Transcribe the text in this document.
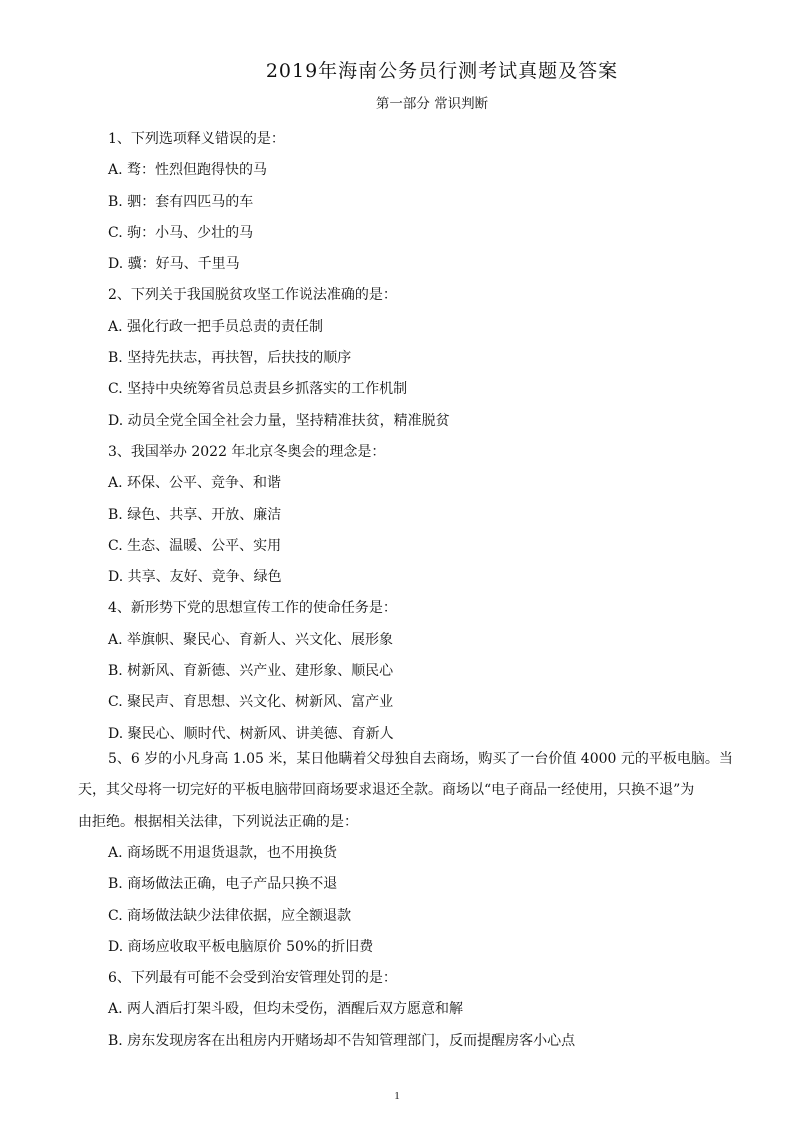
2019年海南公务员行测考试真题及答案
第一部分 常识判断
1、下列选项释义错误的是：
A. 骛：性烈但跑得快的马
B. 驷：套有四匹马的车
C. 驹：小马、少壮的马
D. 骥：好马、千里马
2、下列关于我国脱贫攻坚工作说法准确的是：
A. 强化行政一把手员总责的责任制
B. 坚持先扶志，再扶智，后扶技的顺序
C. 坚持中央统筹省员总责县乡抓落实的工作机制
D. 动员全党全国全社会力量，坚持精准扶贫，精准脱贫
3、我国举办 2022 年北京冬奥会的理念是：
A. 环保、公平、竞争、和谐
B. 绿色、共享、开放、廉洁
C. 生态、温暖、公平、实用
D. 共享、友好、竞争、绿色
4、新形势下党的思想宣传工作的使命任务是：
A. 举旗帜、聚民心、育新人、兴文化、展形象
B. 树新风、育新德、兴产业、建形象、顺民心
C. 聚民声、育思想、兴文化、树新风、富产业
D. 聚民心、顺时代、树新风、讲美德、育新人
5、6 岁的小凡身高 1.05 米，某日他瞒着父母独自去商场，购买了一台价值 4000 元的平板电脑。当
天，其父母将一切完好的平板电脑带回商场要求退还全款。商场以“电子商品一经使用，只换不退”为
由拒绝。根据相关法律，下列说法正确的是：
A. 商场既不用退货退款，也不用换货
B. 商场做法正确，电子产品只换不退
C. 商场做法缺少法律依据，应全额退款
D. 商场应收取平板电脑原价 50%的折旧费
6、下列最有可能不会受到治安管理处罚的是：
A. 两人酒后打架斗殴，但均未受伤，酒醒后双方愿意和解
B. 房东发现房客在出租房内开赌场却不告知管理部门，反而提醒房客小心点
1
